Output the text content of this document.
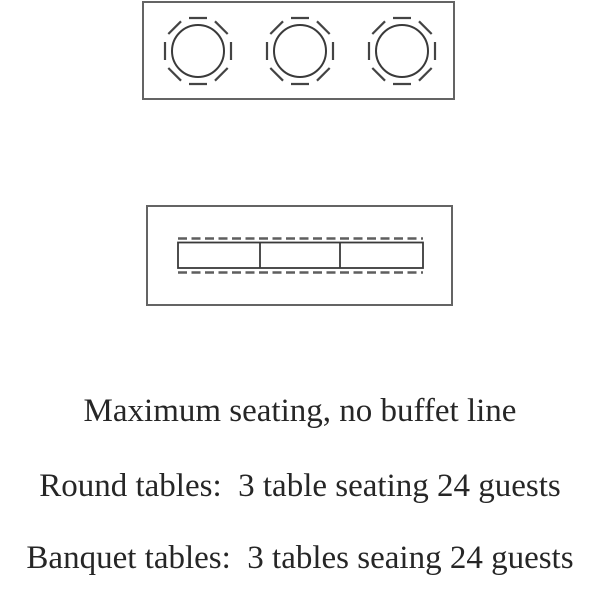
Maximum seating, no buffet line
Round tables:  3 table seating 24 guests
Banquet tables:  3 tables seaing 24 guests
